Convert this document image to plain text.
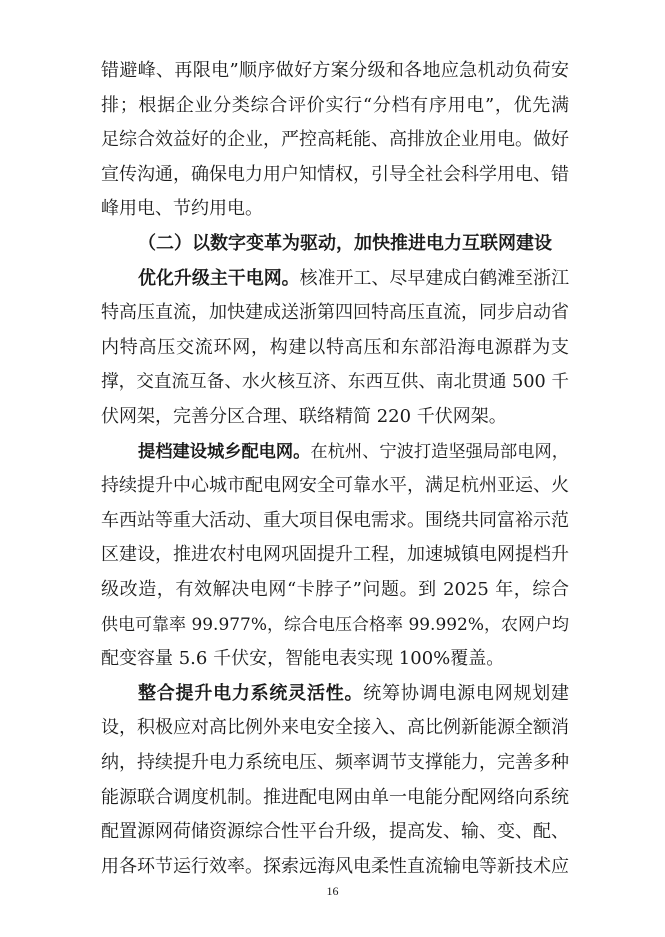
错避峰、再限电”顺序做好方案分级和各地应急机动负荷安
排；根据企业分类综合评价实行“分档有序用电”，优先满
足综合效益好的企业，严控高耗能、高排放企业用电。做好
宣传沟通，确保电力用户知情权，引导全社会科学用电、错
峰用电、节约用电。
（二）以数字变革为驱动，加快推进电力互联网建设
优化升级主干电网。核准开工、尽早建成白鹤滩至浙江
特高压直流，加快建成送浙第四回特高压直流，同步启动省
内特高压交流环网，构建以特高压和东部沿海电源群为支
撑，交直流互备、水火核互济、东西互供、南北贯通 500 千
伏网架，完善分区合理、联络精简 220 千伏网架。
提档建设城乡配电网。在杭州、宁波打造坚强局部电网，
持续提升中心城市配电网安全可靠水平，满足杭州亚运、火
车西站等重大活动、重大项目保电需求。围绕共同富裕示范
区建设，推进农村电网巩固提升工程，加速城镇电网提档升
级改造，有效解决电网“卡脖子”问题。到 2025 年，综合
供电可靠率 99.977%，综合电压合格率 99.992%，农网户均
配变容量 5.6 千伏安，智能电表实现 100%覆盖。
整合提升电力系统灵活性。统筹协调电源电网规划建
设，积极应对高比例外来电安全接入、高比例新能源全额消
纳，持续提升电力系统电压、频率调节支撑能力，完善多种
能源联合调度机制。推进配电网由单一电能分配网络向系统
配置源网荷储资源综合性平台升级，提高发、输、变、配、
用各环节运行效率。探索远海风电柔性直流输电等新技术应
16
